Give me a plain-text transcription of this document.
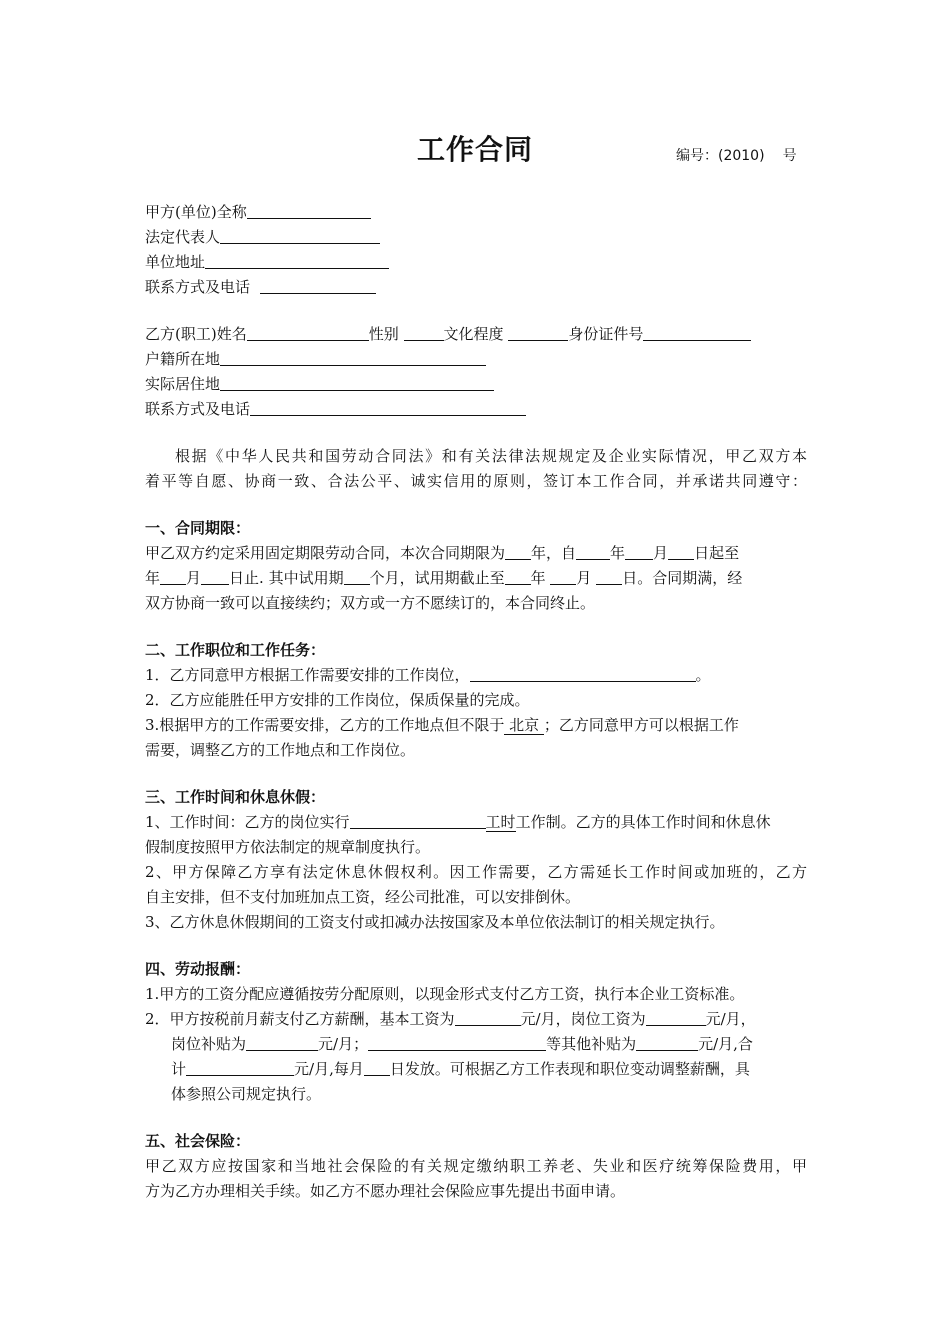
工作合同	编号：(2010) 号
甲方(单位)全称
法定代表人
单位地址
联系方式及电话
乙方(职工)姓名	性别	文化程度	身份证件号
户籍所在地
实际居住地
联系方式及电话
根据《中华人民共和国劳动合同法》和有关法律法规规定及企业实际情况，甲乙双方本
着平等自愿、协商一致、合法公平、诚实信用的原则，签订本工作合同，并承诺共同遵守：
一、合同期限：
甲乙双方约定采用固定期限劳动合同，本次合同期限为 年，自 年 月 日起至
年 月 日止. 其中试用期 个月，试用期截止至 年 月 日。合同期满，经
双方协商一致可以直接续约；双方或一方不愿续订的，本合同终止。
二、工作职位和工作任务：
1．乙方同意甲方根据工作需要安排的工作岗位，	。
2．乙方应能胜任甲方安排的工作岗位，保质保量的完成。
3.根据甲方的工作需要安排，乙方的工作地点但不限于 北京 ；乙方同意甲方可以根据工作
需要，调整乙方的工作地点和工作岗位。
三、工作时间和休息休假：
1、工作时间：乙方的岗位实行	工时工作制。乙方的具体工作时间和休息休
假制度按照甲方依法制定的规章制度执行。
2、甲方保障乙方享有法定休息休假权利。因工作需要，乙方需延长工作时间或加班的，乙方
自主安排，但不支付加班加点工资，经公司批准，可以安排倒休。
3、乙方休息休假期间的工资支付或扣减办法按国家及本单位依法制订的相关规定执行。
四、劳动报酬：
1.甲方的工资分配应遵循按劳分配原则，以现金形式支付乙方工资，执行本企业工资标准。
2．甲方按税前月薪支付乙方薪酬，基本工资为	元/月，岗位工资为	元/月，
岗位补贴为	元/月；	等其他补贴为	元/月,合
计	元/月,每月 日发放。可根据乙方工作表现和职位变动调整薪酬，具
体参照公司规定执行。
五、社会保险：
甲乙双方应按国家和当地社会保险的有关规定缴纳职工养老、失业和医疗统筹保险费用，甲
方为乙方办理相关手续。如乙方不愿办理社会保险应事先提出书面申请。
